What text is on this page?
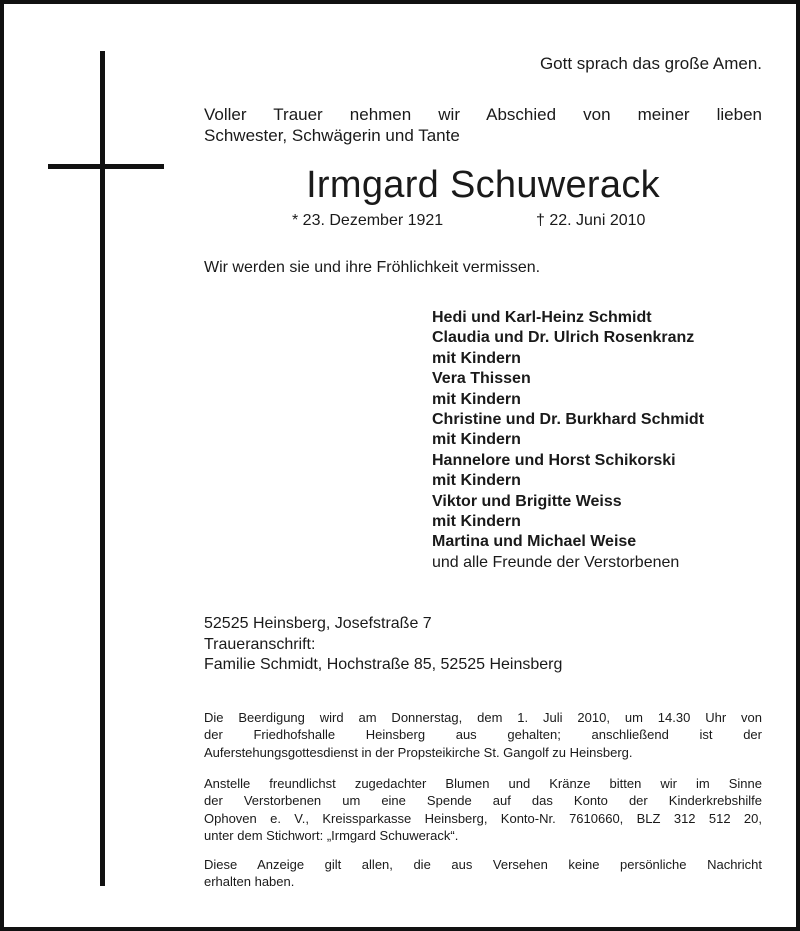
Gott sprach das große Amen.
Voller Trauer nehmen wir Abschied von meiner lieben
Schwester, Schwägerin und Tante
Irmgard Schuwerack
* 23. Dezember 1921	† 22. Juni 2010
Wir werden sie und ihre Fröhlichkeit vermissen.
Hedi und Karl-Heinz Schmidt
Claudia und Dr. Ulrich Rosenkranz
mit Kindern
Vera Thissen
mit Kindern
Christine und Dr. Burkhard Schmidt
mit Kindern
Hannelore und Horst Schikorski
mit Kindern
Viktor und Brigitte Weiss
mit Kindern
Martina und Michael Weise
und alle Freunde der Verstorbenen
52525 Heinsberg, Josefstraße 7
Traueranschrift:
Familie Schmidt, Hochstraße 85, 52525 Heinsberg
Die Beerdigung wird am Donnerstag, dem 1. Juli 2010, um 14.30 Uhr von
der Friedhofshalle Heinsberg aus gehalten; anschließend ist der
Auferstehungsgottesdienst in der Propsteikirche St. Gangolf zu Heinsberg.
Anstelle freundlichst zugedachter Blumen und Kränze bitten wir im Sinne
der Verstorbenen um eine Spende auf das Konto der Kinderkrebshilfe
Ophoven e. V., Kreissparkasse Heinsberg, Konto-Nr. 7610660, BLZ 312 512 20,
unter dem Stichwort: „Irmgard Schuwerack“.
Diese Anzeige gilt allen, die aus Versehen keine persönliche Nachricht
erhalten haben.
